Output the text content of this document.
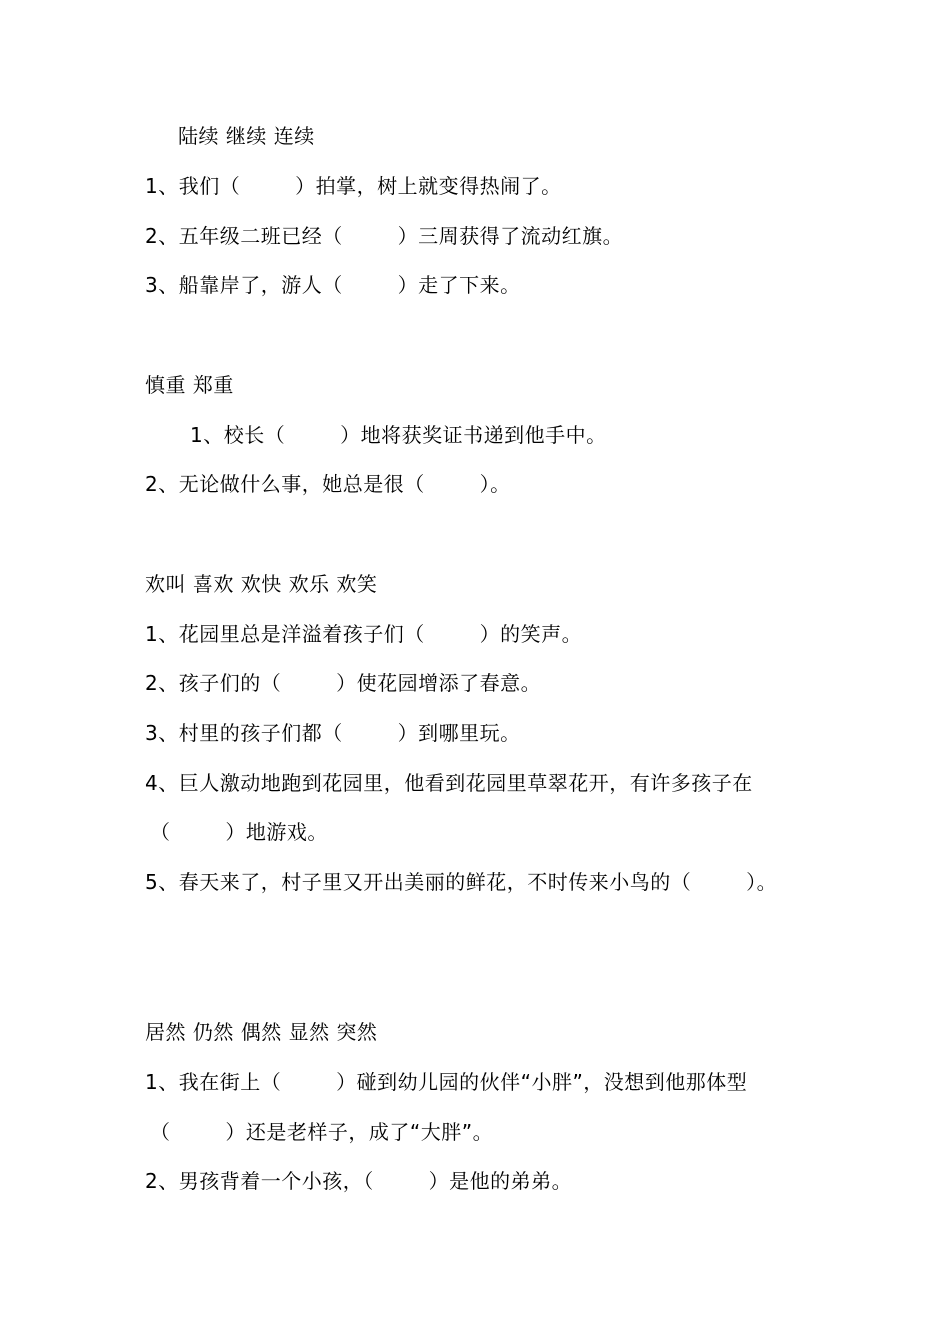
陆续 继续 连续
1、我们（        ）拍掌，树上就变得热闹了。
2、五年级二班已经（        ）三周获得了流动红旗。
3、船靠岸了，游人（        ）走了下来。
慎重 郑重
1、校长（        ）地将获奖证书递到他手中。
2、无论做什么事，她总是很（        ）。
欢叫 喜欢 欢快 欢乐 欢笑
1、花园里总是洋溢着孩子们（        ）的笑声。
2、孩子们的（        ）使花园增添了春意。
3、村里的孩子们都（        ）到哪里玩。
4、巨人激动地跑到花园里，他看到花园里草翠花开，有许多孩子在
（        ）地游戏。
5、春天来了，村子里又开出美丽的鲜花，不时传来小鸟的（        ）。
居然 仍然 偶然 显然 突然
1、我在街上（        ）碰到幼儿园的伙伴“小胖”，没想到他那体型
（        ）还是老样子，成了“大胖”。
2、男孩背着一个小孩，（        ）是他的弟弟。
